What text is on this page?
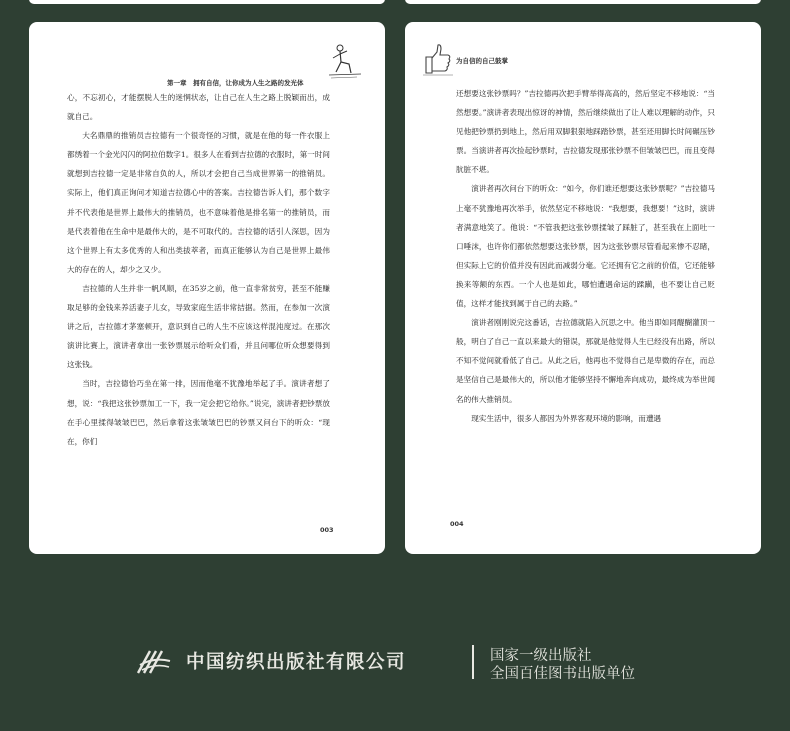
第一章　拥有自信，让你成为人生之路的发光体

心，不忘初心，才能摆脱人生的迷惘状态，让自己在人生之路上脱颖而出，成就自己。

大名鼎鼎的推销员吉拉德有一个很奇怪的习惯，就是在他的每一件衣服上都绣着一个金光闪闪的阿拉伯数字1。很多人在看到吉拉德的衣服时，第一时间就想到吉拉德一定是非常自负的人，所以才会把自己当成世界第一的推销员。实际上，他们真正询问才知道吉拉德心中的答案。吉拉德告诉人们，那个数字并不代表他是世界上最伟大的推销员，也不意味着他是排名第一的推销员，而是代表着他在生命中是最伟大的，是不可取代的。吉拉德的话引人深思，因为这个世界上有太多优秀的人和出类拔萃者，而真正能够认为自己是世界上最伟大的存在的人，却少之又少。

吉拉德的人生并非一帆风顺，在35岁之前，他一直非常贫穷，甚至不能赚取足够的金钱来养活妻子儿女，导致家庭生活非常拮据。然而，在参加一次演讲之后，吉拉德才茅塞顿开，意识到自己的人生不应该这样混沌度过。在那次演讲比赛上，演讲者拿出一张钞票展示给听众们看，并且问哪位听众想要得到这张钱。

当时，吉拉德恰巧坐在第一排，因而他毫不犹豫地举起了手。演讲者想了想，说：“我把这张钞票加工一下，我一定会把它给你。”说完，演讲者把钞票放在手心里揉得皱皱巴巴，然后拿着这张皱皱巴巴的钞票又问台下的听众：“现在，你们

003
为自信的自己鼓掌

还想要这张钞票吗？”吉拉德再次把手臂举得高高的，然后坚定不移地说：“当然想要。”演讲者表现出惊讶的神情，然后继续做出了让人难以理解的动作，只见他把钞票扔到地上，然后用双脚狠狠地踩踏钞票，甚至还用脚长时间碾压钞票。当演讲者再次捡起钞票时，吉拉德发现那张钞票不但皱皱巴巴，而且变得肮脏不堪。

演讲者再次问台下的听众：“如今，你们谁还想要这张钞票呢？”吉拉德马上毫不犹豫地再次举手，依然坚定不移地说：“我想要，我想要！”这时，演讲者满意地笑了。他说：“不管我把这张钞票揉皱了踩脏了，甚至我在上面吐一口唾沫，也许你们都依然想要这张钞票，因为这张钞票尽管看起来惨不忍睹，但实际上它的价值并没有因此而减弱分毫。它还拥有它之前的价值，它还能够换来等额的东西。一个人也是如此，哪怕遭遇命运的蹂躏，也不要让自己贬值，这样才能找到属于自己的去路。”

演讲者刚刚说完这番话，吉拉德就陷入沉思之中。他当即如同醍醐灌顶一般，明白了自己一直以来最大的错误，那就是他觉得人生已经没有出路，所以不知不觉间就看低了自己。从此之后，他再也不觉得自己是卑微的存在，而总是坚信自己是最伟大的，所以他才能够坚持不懈地奔向成功，最终成为举世闻名的伟大推销员。

现实生活中，很多人都因为外界客观环境的影响，而遭遇

004
中国纺织出版社有限公司	国家一级出版社
全国百佳图书出版单位
